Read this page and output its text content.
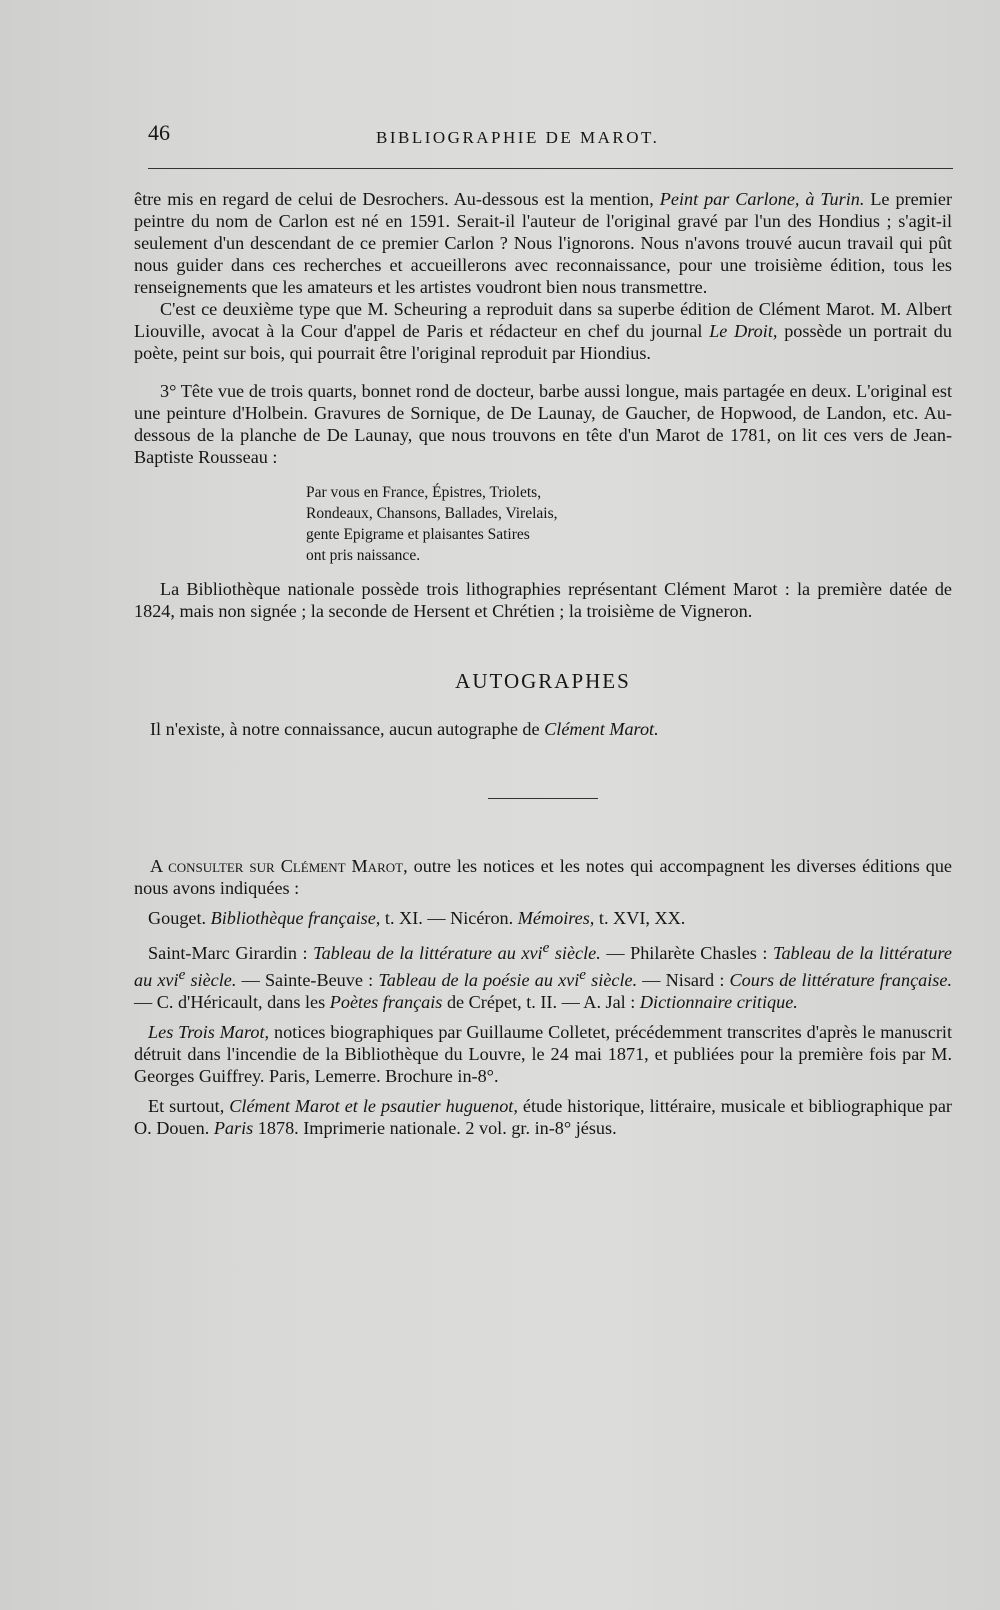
46	BIBLIOGRAPHIE DE MAROT.

être mis en regard de celui de Desrochers. Au-dessous est la mention, Peint par Carlone, à Turin. Le premier peintre du nom de Carlon est né en 1591. Serait-il l'auteur de l'original gravé par l'un des Hondius ; s'agit-il seulement d'un descendant de ce premier Carlon ? Nous l'ignorons. Nous n'avons trouvé aucun travail qui pût nous guider dans ces recherches et accueillerons avec reconnaissance, pour une troisième édition, tous les renseignements que les amateurs et les artistes voudront bien nous transmettre.

C'est ce deuxième type que M. Scheuring a reproduit dans sa superbe édition de Clément Marot. M. Albert Liouville, avocat à la Cour d'appel de Paris et rédacteur en chef du journal Le Droit, possède un portrait du poète, peint sur bois, qui pourrait être l'original reproduit par Hiondius.

3° Tête vue de trois quarts, bonnet rond de docteur, barbe aussi longue, mais partagée en deux. L'original est une peinture d'Holbein. Gravures de Sornique, de De Launay, de Gaucher, de Hopwood, de Landon, etc. Au-dessous de la planche de De Launay, que nous trouvons en tête d'un Marot de 1781, on lit ces vers de Jean-Baptiste Rousseau :

Par vous en France, Épistres, Triolets,
Rondeaux, Chansons, Ballades, Virelais,
gente Epigrame et plaisantes Satires
ont pris naissance.

La Bibliothèque nationale possède trois lithographies représentant Clément Marot : la première datée de 1824, mais non signée ; la seconde de Hersent et Chrétien ; la troisième de Vigneron.

AUTOGRAPHES

Il n'existe, à notre connaissance, aucun autographe de Clément Marot.

A consulter sur Clément Marot, outre les notices et les notes qui accompagnent les diverses éditions que nous avons indiquées :

Gouget. Bibliothèque française, t. XI. — Nicéron. Mémoires, t. XVI, XX.

Saint-Marc Girardin : Tableau de la littérature au xvi$^e$ siècle. — Philarète Chasles : Tableau de la littérature au xvi$^e$ siècle. — Sainte-Beuve : Tableau de la poésie au xvi$^e$ siècle. — Nisard : Cours de littérature française. — C. d'Héricault, dans les Poètes français de Crépet, t. II. — A. Jal : Dictionnaire critique.

Les Trois Marot, notices biographiques par Guillaume Colletet, précédemment transcrites d'après le manuscrit détruit dans l'incendie de la Bibliothèque du Louvre, le 24 mai 1871, et publiées pour la première fois par M. Georges Guiffrey. Paris, Lemerre. Brochure in-8°.

Et surtout, Clément Marot et le psautier huguenot, étude historique, littéraire, musicale et bibliographique par O. Douen. Paris 1878. Imprimerie nationale. 2 vol. gr. in-8° jésus.
